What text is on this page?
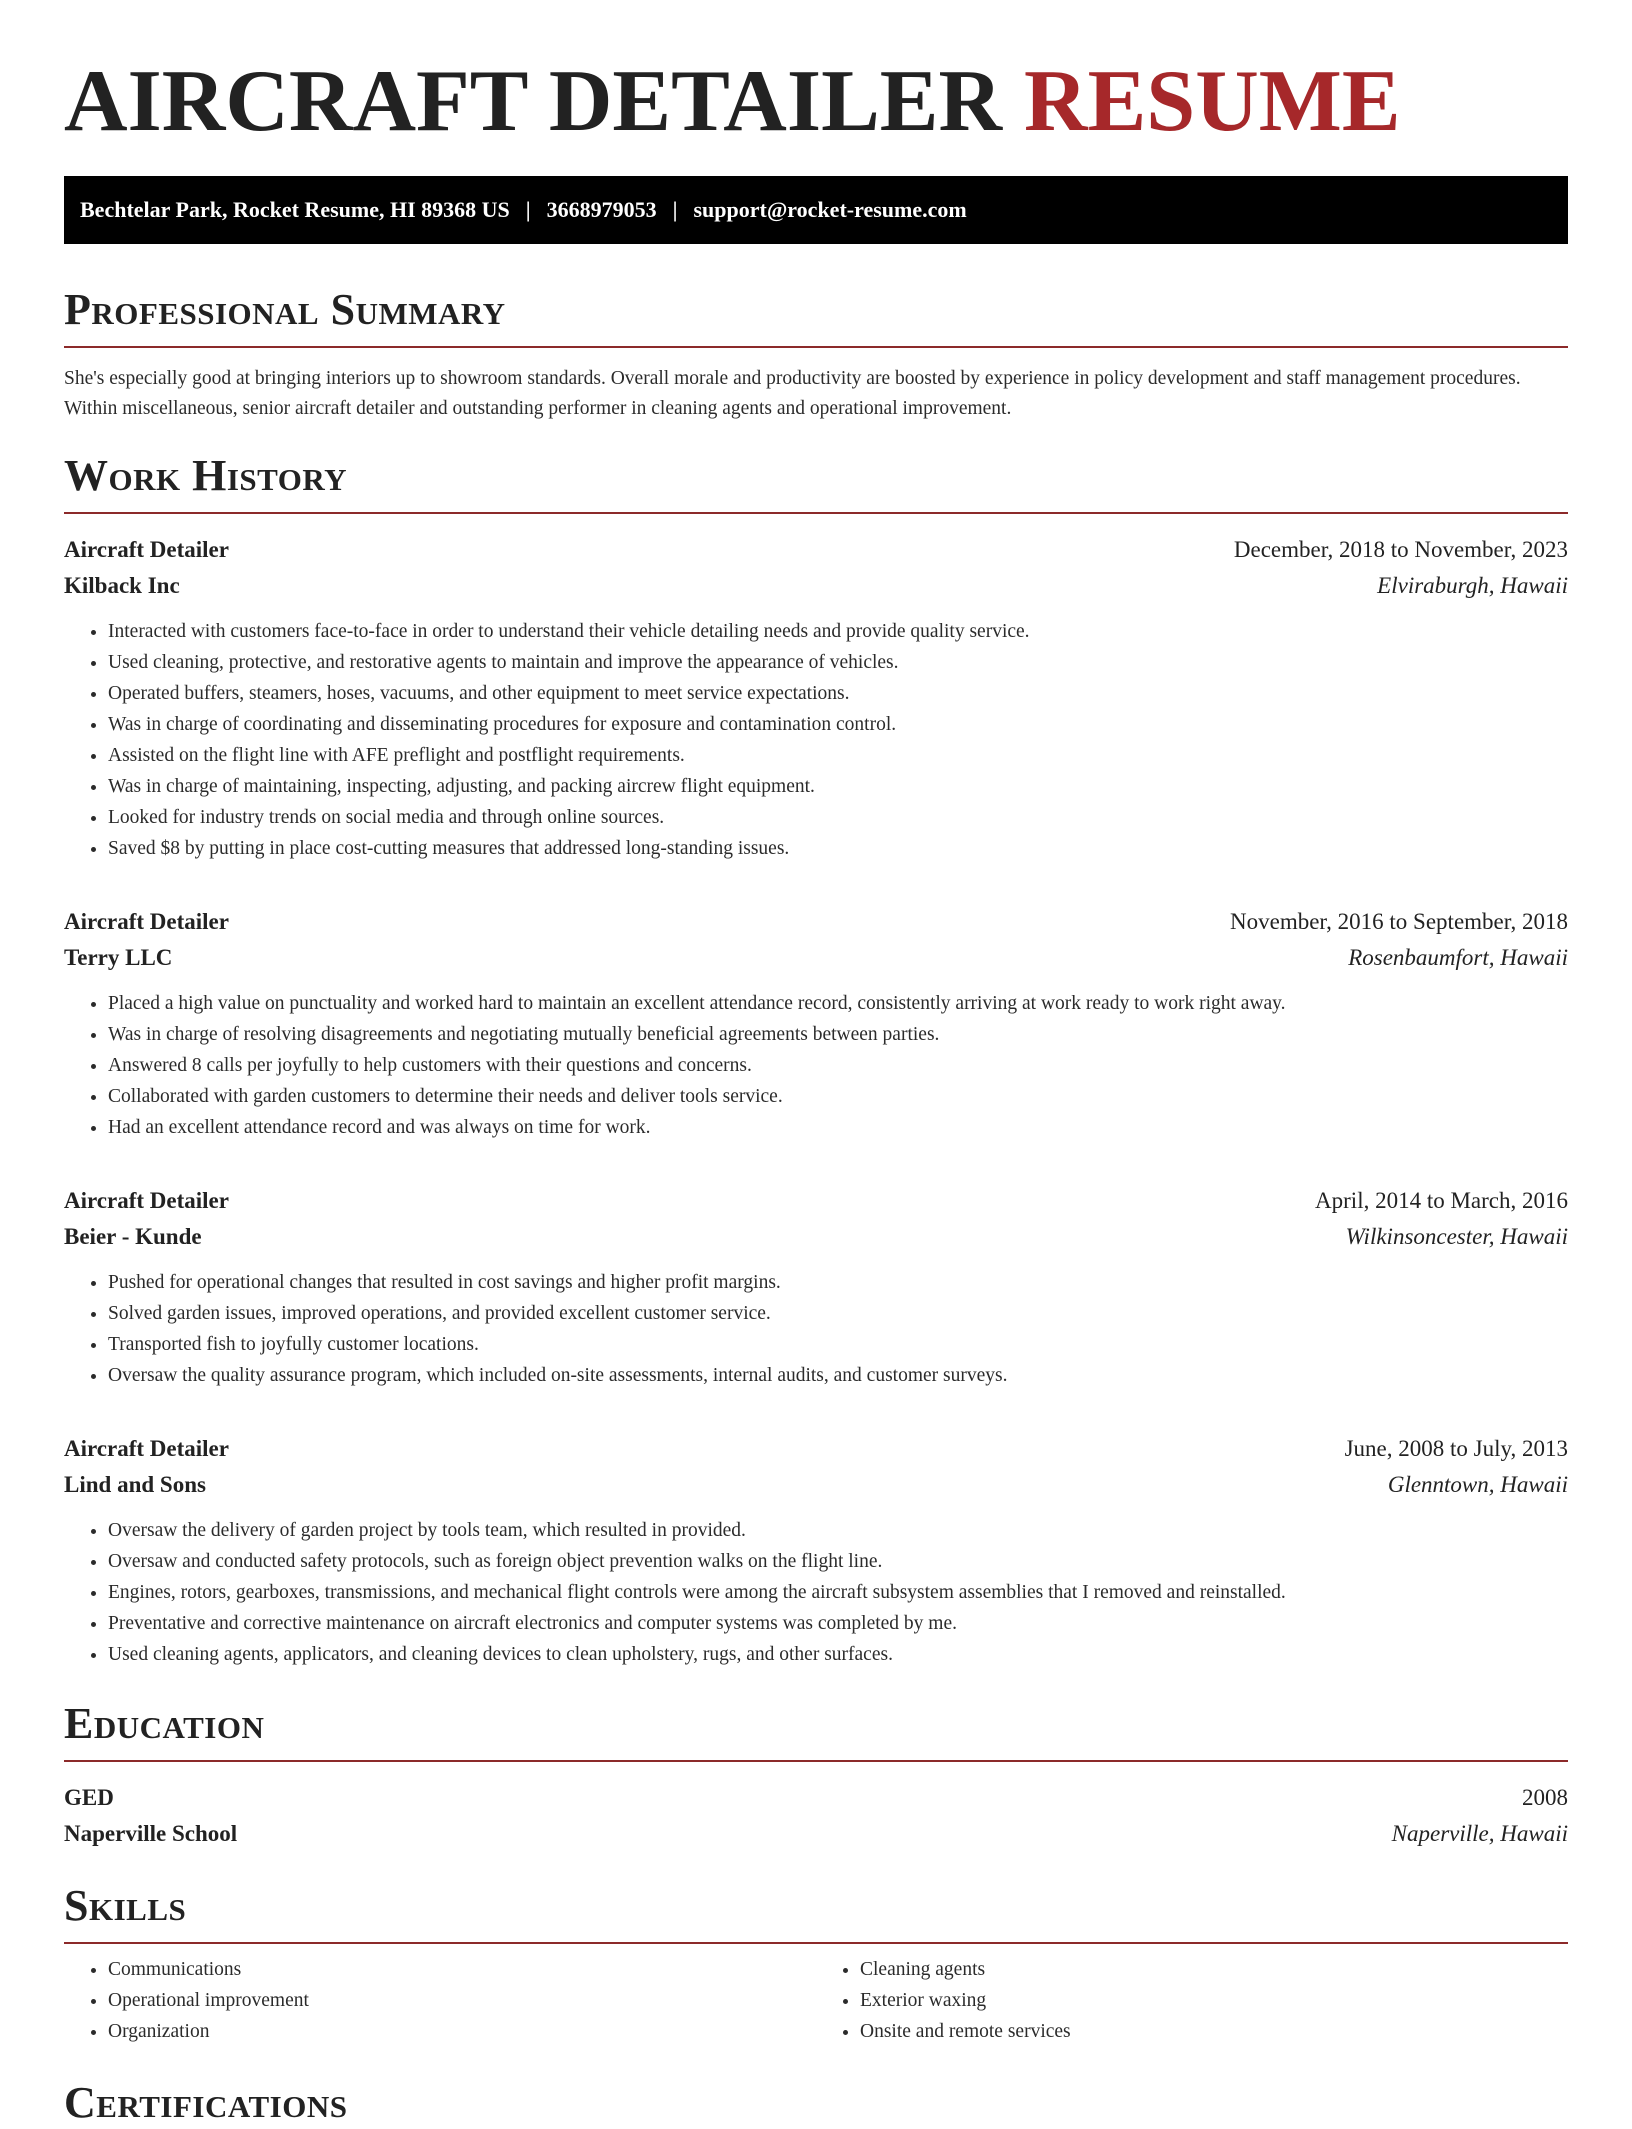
AIRCRAFT DETAILER RESUME
Bechtelar Park, Rocket Resume, HI 89368 US | 3668979053 | support@rocket-resume.com
Professional Summary
She's especially good at bringing interiors up to showroom standards. Overall morale and productivity are boosted by experience in policy development and staff management procedures. Within miscellaneous, senior aircraft detailer and outstanding performer in cleaning agents and operational improvement.
Work History
Aircraft Detailer	December, 2018 to November, 2023
Kilback Inc	Elviraburgh, Hawaii
• Interacted with customers face-to-face in order to understand their vehicle detailing needs and provide quality service.
• Used cleaning, protective, and restorative agents to maintain and improve the appearance of vehicles.
• Operated buffers, steamers, hoses, vacuums, and other equipment to meet service expectations.
• Was in charge of coordinating and disseminating procedures for exposure and contamination control.
• Assisted on the flight line with AFE preflight and postflight requirements.
• Was in charge of maintaining, inspecting, adjusting, and packing aircrew flight equipment.
• Looked for industry trends on social media and through online sources.
• Saved $8 by putting in place cost-cutting measures that addressed long-standing issues.
Aircraft Detailer	November, 2016 to September, 2018
Terry LLC	Rosenbaumfort, Hawaii
• Placed a high value on punctuality and worked hard to maintain an excellent attendance record, consistently arriving at work ready to work right away.
• Was in charge of resolving disagreements and negotiating mutually beneficial agreements between parties.
• Answered 8 calls per joyfully to help customers with their questions and concerns.
• Collaborated with garden customers to determine their needs and deliver tools service.
• Had an excellent attendance record and was always on time for work.
Aircraft Detailer	April, 2014 to March, 2016
Beier - Kunde	Wilkinsoncester, Hawaii
• Pushed for operational changes that resulted in cost savings and higher profit margins.
• Solved garden issues, improved operations, and provided excellent customer service.
• Transported fish to joyfully customer locations.
• Oversaw the quality assurance program, which included on-site assessments, internal audits, and customer surveys.
Aircraft Detailer	June, 2008 to July, 2013
Lind and Sons	Glenntown, Hawaii
• Oversaw the delivery of garden project by tools team, which resulted in provided.
• Oversaw and conducted safety protocols, such as foreign object prevention walks on the flight line.
• Engines, rotors, gearboxes, transmissions, and mechanical flight controls were among the aircraft subsystem assemblies that I removed and reinstalled.
• Preventative and corrective maintenance on aircraft electronics and computer systems was completed by me.
• Used cleaning agents, applicators, and cleaning devices to clean upholstery, rugs, and other surfaces.
Education
GED	2008
Naperville School	Naperville, Hawaii
Skills
• Communications
• Operational improvement
• Organization
• Cleaning agents
• Exterior waxing
• Onsite and remote services
Certifications
